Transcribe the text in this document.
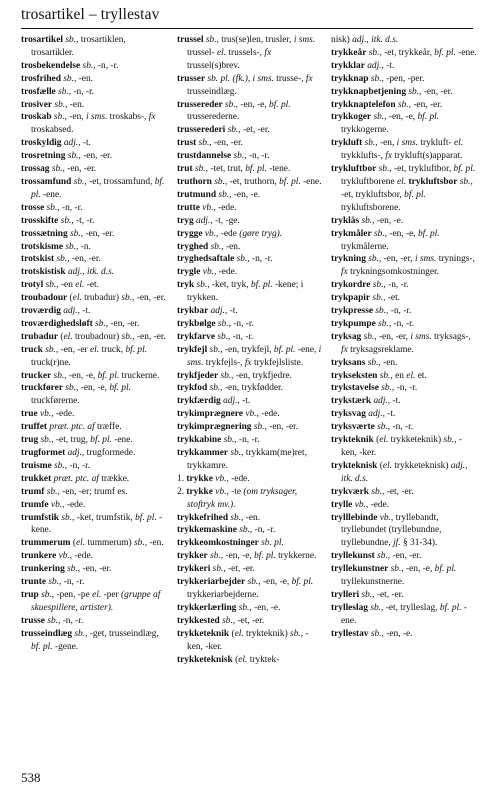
trosartikel – tryllestav
trosartikel sb., trosartiklen, trosartikler.
trosbekendelse sb., -n, -r.
trosfrihed sb., -en.
trosfælle sb., -n, -r.
trosiver sb., -en.
troskab sb., -en, i sms. troskabs-, fx troskabsed.
troskyldig adj., -t.
trosretning sb., -en, -er.
trossag sb., -en, -er.
trossamfund sb., -et, trossamfund, bf. pl. -ene.
trosse sb., -n, -r.
trosskifte sb., -t, -r.
trossætning sb., -en, -er.
trotskisme sb., -n.
trotskist sb., -en, -er.
trotskistisk adj., itk. d.s.
trotyl sb., -en el. -et.
troubadour (el. trubadur) sb., -en, -er.
troværdig adj., -t.
troværdighedsløft sb., -en, -er.
trubadur (el. troubadour) sb., -en, -er.
truck sb., -en, -er el. truck, bf. pl. truck(r)ne.
trucker sb., -en, -e, bf. pl. truckerne.
truckfører sb., -en, -e, bf. pl. truckførerne.
true vb., -ede.
truffet præt. ptc. af træffe.
trug sb., -et, trug, bf. pl. -ene.
trugformet adj., trugformede.
truisme sb., -n, -r.
trukket præt. ptc. af trække.
trumf sb., -en, -er; trumf es.
trumfe vb., -ede.
trumfstik sb., -ket, trumfstik, bf. pl. -kene.
trummerum (el. tummerum) sb., -en.
trunkere vb., -ede.
trunkering sb., -en, -er.
trunte sb., -n, -r.
trup sb., -pen, -pe el. -per (gruppe af skuespillere, artister).
trusse sb., -n, -r.
trusseindlæg sb., -get, trusseindlæg, bf. pl. -gene.
trussel sb., trus(se)len, trusler, i sms. trussel- el. trussels-, fx trussel(s)brev.
trusser sb. pl. (fk.), i sms. trusse-, fx trusseindlæg.
trussereder sb., -en, -e, bf. pl. trusserederne.
trusserederi sb., -et, -er.
trust sb., -en, -er.
trustdannelse sb., -n, -r.
trut sb., -tet, trut, bf. pl. -tene.
truthorn sb., -et, truthorn, bf. pl. -ene.
trutmund sb., -en, -e.
trutte vb., -ede.
tryg adj., -t, -ge.
trygge vb., -ede (gøre tryg).
tryghed sb., -en.
tryghedsaftale sb., -n, -r.
trygle vb., -ede.
tryk sb., -ket, tryk, bf. pl. -kene; i trykken.
trykbar adj., -t.
trykbølge sb., -n, -r.
trykfarve sb., -n, -r.
trykfejl sb., -en, trykfejl, bf. pl. -ene, i sms. trykfejls-, fx trykfejlsliste.
trykfjeder sb., -en, trykfjedre.
trykfod sb., -en, trykfødder.
trykfærdig adj., -t.
trykimprægnere vb., -ede.
trykimprægnering sb., -en, -er.
trykkabine sb., -n, -r.
trykkammer sb., trykkam(me)ret, trykkamre.
1. trykke vb., -ede.
2. trykke vb., -te (om tryksager, stoftryk mv.).
trykkefrihed sb., -en.
trykkemaskine sb., -n, -r.
trykkeomkostninger sb. pl.
trykker sb., -en, -e, bf. pl. trykkerne.
trykkeri sb., -et, -er.
trykkeriarbejder sb., -en, -e, bf. pl. trykkeriarbejderne.
trykkerlærling sb., -en, -e.
trykkested sb., -et, -er.
trykketeknik (el. trykteknik) sb., -ken, -ker.
trykketeknisk (el. tryktek-
nisk) adj., itk. d.s.
trykkeår sb., -et, trykkeår, bf. pl. -ene.
trykklar adj., -t.
trykknap sb., -pen, -per.
trykknapbetjening sb., -en, -er.
trykknaptelefon sb., -en, -er.
trykkoger sb., -en, -e, bf. pl. trykkogerne.
trykluft sb., -en, i sms. trykluft- el. trykklufts-, fx trykluft(s)apparat.
trykluftbor sb., -et, trykluftbor, bf. pl. trykluftborene el. trykluftsbor sb., -et, trykluftsbor, bf. pl. trykluftsborene.
trykläs sb., -en, -e.
trykmåler sb., -en, -e, bf. pl. trykmålerne.
trykning sb., -en, -er, i sms. trynings-, fx trykningsomkostninger.
trykordre sb., -n, -r.
trykpapir sb., -et.
trykpresse sb., -n, -r.
trykpumpe sb., -n, -r.
tryksag sb., -en, -er, i sms. tryksags-, fx tryksagsreklame.
tryksans sb., -en.
trykseksten sb., en el. et.
trykstavelse sb., -n, -r.
trykstærk adj., -t.
tryksvag adj., -t.
tryksværte sb., -n, -r.
trykteknik (el. trykketeknik) sb., -ken, -ker.
trykteknisk (el. trykketeknisk) adj., itk. d.s.
trykværk sb., -et, -er.
trylle vb., -ede.
trylllebinde vb., tryllebandt, tryllebundet (tryllebundne, tryllebundne, jf. § 31-34).
tryllekunst sb., -en, -er.
tryllekunstner sb., -en, -e, bf. pl. tryllekunstnerne.
trylleri sb., -et, -er.
trylleslag sb., -et, trylleslag, bf. pl. -ene.
tryllestav sb., -en, -e.
538
